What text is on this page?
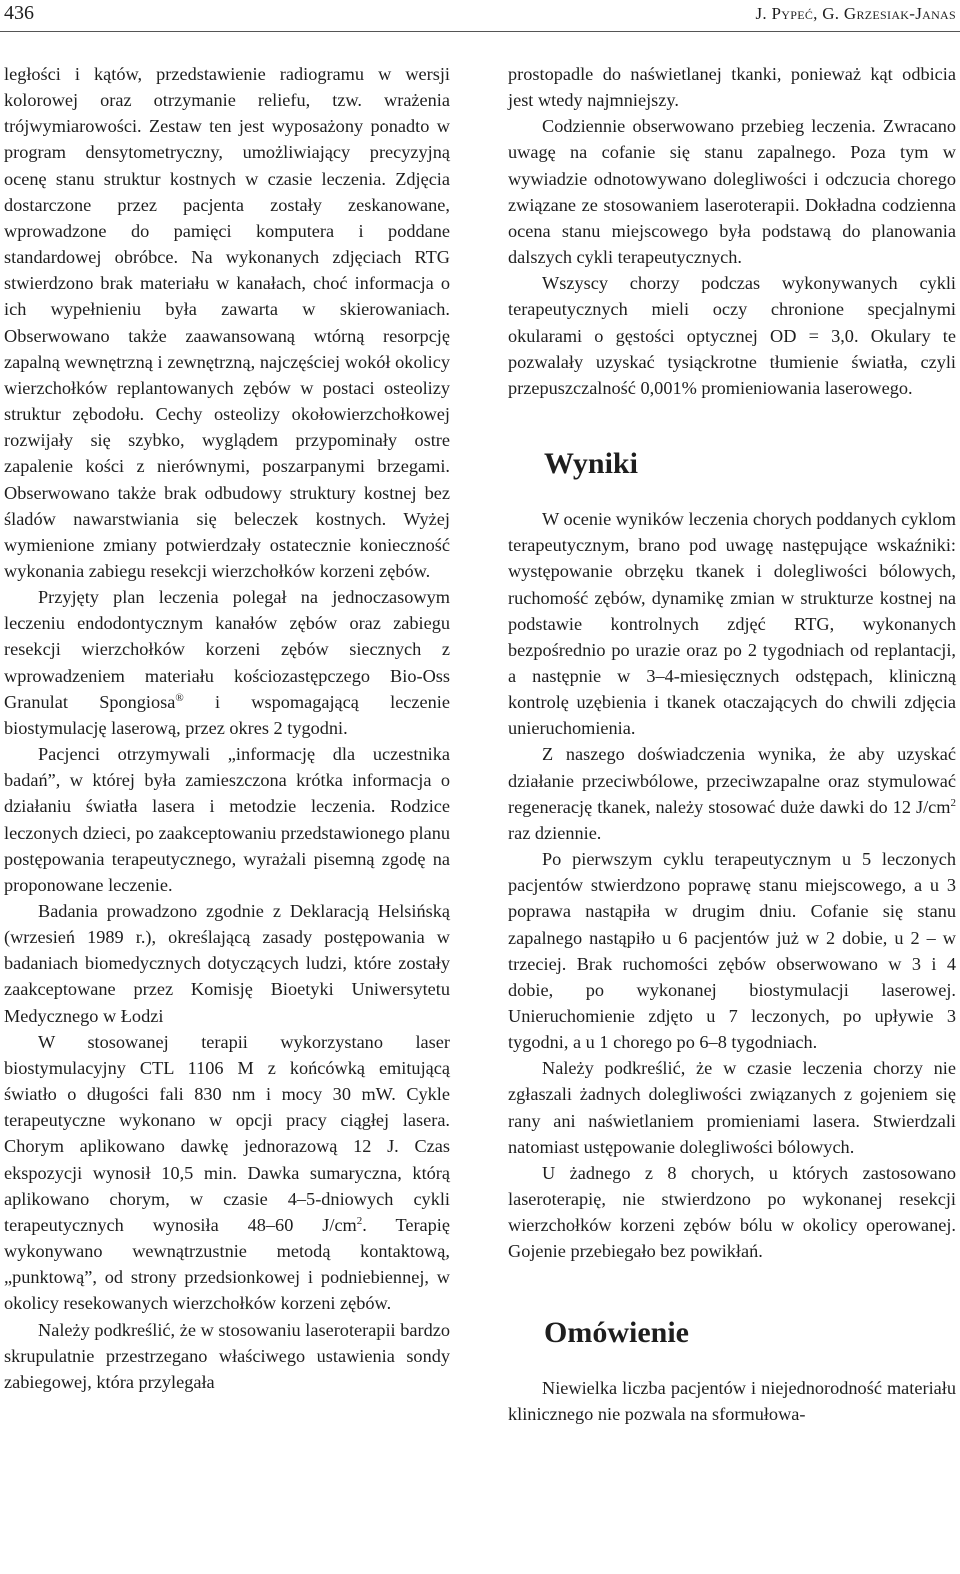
436	J. Pypeć, G. Grzesiak-Janas

ległości i kątów, przedstawienie radiogramu w wersji kolorowej oraz otrzymanie reliefu, tzw. wrażenia trójwymiarowości. Zestaw ten jest wyposażony ponadto w program densytometryczny, umożliwiający precyzyjną ocenę stanu struktur kostnych w czasie leczenia. Zdjęcia dostarczone przez pacjenta zostały zeskanowane, wprowadzone do pamięci komputera i poddane standardowej obróbce. Na wykonanych zdjęciach RTG stwierdzono brak materiału w kanałach, choć informacja o ich wypełnieniu była zawarta w skierowaniach. Obserwowano także zaawansowaną wtórną resorpcję zapalną wewnętrzną i zewnętrzną, najczęściej wokół okolicy wierzchołków replantowanych zębów w postaci osteolizy struktur zębodołu. Cechy osteolizy okołowierzchołkowej rozwijały się szybko, wyglądem przypominały ostre zapalenie kości z nierównymi, poszarpanymi brzegami. Obserwowano także brak odbudowy struktury kostnej bez śladów nawarstwiania się beleczek kostnych. Wyżej wymienione zmiany potwierdzały ostatecznie konieczność wykonania zabiegu resekcji wierzchołków korzeni zębów.

Przyjęty plan leczenia polegał na jednoczasowym leczeniu endodontycznym kanałów zębów oraz zabiegu resekcji wierzchołków korzeni zębów siecznych z wprowadzeniem materiału kościozastępczego Bio-Oss Granulat Spongiosa® i wspomagającą leczenie biostymulację laserową, przez okres 2 tygodni.

Pacjenci otrzymywali „informację dla uczestnika badań”, w której była zamieszczona krótka informacja o działaniu światła lasera i metodzie leczenia. Rodzice leczonych dzieci, po zaakceptowaniu przedstawionego planu postępowania terapeutycznego, wyrażali pisemną zgodę na proponowane leczenie.

Badania prowadzono zgodnie z Deklaracją Helsińską (wrzesień 1989 r.), określającą zasady postępowania w badaniach biomedycznych dotyczących ludzi, które zostały zaakceptowane przez Komisję Bioetyki Uniwersytetu Medycznego w Łodzi

W stosowanej terapii wykorzystano laser biostymulacyjny CTL 1106 M z końcówką emitującą światło o długości fali 830 nm i mocy 30 mW. Cykle terapeutyczne wykonano w opcji pracy ciągłej lasera. Chorym aplikowano dawkę jednorazową 12 J. Czas ekspozycji wynosił 10,5 min. Dawka sumaryczna, którą aplikowano chorym, w czasie 4–5-dniowych cykli terapeutycznych wynosiła 48–60 $J/cm^2$. Terapię wykonywano wewnątrzustnie metodą kontaktową, „punktową”, od strony przedsionkowej i podniebiennej, w okolicy resekowanych wierzchołków korzeni zębów.

Należy podkreślić, że w stosowaniu laseroterapii bardzo skrupulatnie przestrzegano właściwego ustawienia sondy zabiegowej, która przylegała

prostopadle do naświetlanej tkanki, ponieważ kąt odbicia jest wtedy najmniejszy.

Codziennie obserwowano przebieg leczenia. Zwracano uwagę na cofanie się stanu zapalnego. Poza tym w wywiadzie odnotowywano dolegliwości i odczucia chorego związane ze stosowaniem laseroterapii. Dokładna codzienna ocena stanu miejscowego była podstawą do planowania dalszych cykli terapeutycznych.

Wszyscy chorzy podczas wykonywanych cykli terapeutycznych mieli oczy chronione specjalnymi okularami o gęstości optycznej OD = 3,0. Okulary te pozwalały uzyskać tysiąckrotne tłumienie światła, czyli przepuszczalność 0,001% promieniowania laserowego.

Wyniki

W ocenie wyników leczenia chorych poddanych cyklom terapeutycznym, brano pod uwagę następujące wskaźniki: występowanie obrzęku tkanek i dolegliwości bólowych, ruchomość zębów, dynamikę zmian w strukturze kostnej na podstawie kontrolnych zdjęć RTG, wykonanych bezpośrednio po urazie oraz po 2 tygodniach od replantacji, a następnie w 3–4-miesięcznych odstępach, kliniczną kontrolę uzębienia i tkanek otaczających do chwili zdjęcia unieruchomienia.

Z naszego doświadczenia wynika, że aby uzyskać działanie przeciwbólowe, przeciwzapalne oraz stymulować regenerację tkanek, należy stosować duże dawki do 12 $J/cm^2$ raz dziennie.

Po pierwszym cyklu terapeutycznym u 5 leczonych pacjentów stwierdzono poprawę stanu miejscowego, a u 3 poprawa nastąpiła w drugim dniu. Cofanie się stanu zapalnego nastąpiło u 6 pacjentów już w 2 dobie, u 2 – w trzeciej. Brak ruchomości zębów obserwowano w 3 i 4 dobie, po wykonanej biostymulacji laserowej. Unieruchomienie zdjęto u 7 leczonych, po upływie 3 tygodni, a u 1 chorego po 6–8 tygodniach.

Należy podkreślić, że w czasie leczenia chorzy nie zgłaszali żadnych dolegliwości związanych z gojeniem się rany ani naświetlaniem promieniami lasera. Stwierdzali natomiast ustępowanie dolegliwości bólowych.

U żadnego z 8 chorych, u których zastosowano laseroterapię, nie stwierdzono po wykonanej resekcji wierzchołków korzeni zębów bólu w okolicy operowanej. Gojenie przebiegało bez powikłań.

Omówienie

Niewielka liczba pacjentów i niejednorodność materiału klinicznego nie pozwala na sformułowa-
